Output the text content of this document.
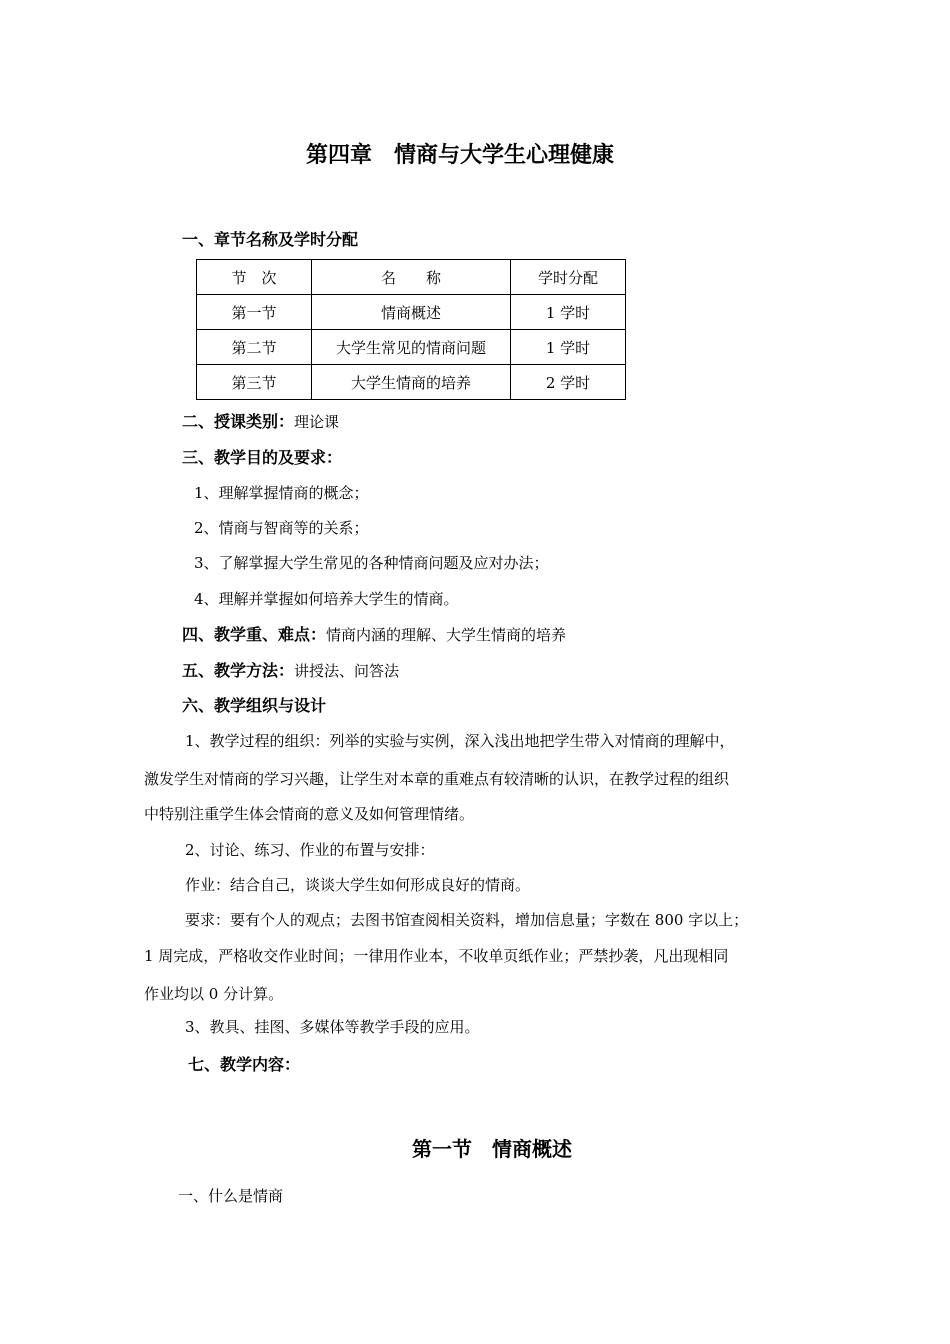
第四章　情商与大学生心理健康
一、章节名称及学时分配
节　次	名　　称	学时分配
第一节	情商概述	1 学时
第二节	大学生常见的情商问题	1 学时
第三节	大学生情商的培养	2 学时
二、授课类别：理论课
三、教学目的及要求：
1、理解掌握情商的概念；
2、情商与智商等的关系；
3、了解掌握大学生常见的各种情商问题及应对办法；
4、理解并掌握如何培养大学生的情商。
四、教学重、难点：情商内涵的理解、大学生情商的培养
五、教学方法：讲授法、问答法
六、教学组织与设计
1、教学过程的组织：列举的实验与实例，深入浅出地把学生带入对情商的理解中，
激发学生对情商的学习兴趣，让学生对本章的重难点有较清晰的认识，在教学过程的组织
中特别注重学生体会情商的意义及如何管理情绪。
2、讨论、练习、作业的布置与安排：
作业：结合自己，谈谈大学生如何形成良好的情商。
要求：要有个人的观点；去图书馆查阅相关资料，增加信息量；字数在 800 字以上；
1 周完成，严格收交作业时间；一律用作业本，不收单页纸作业；严禁抄袭，凡出现相同
作业均以 0 分计算。
3、教具、挂图、多媒体等教学手段的应用。
七、教学内容：
第一节　情商概述
一、什么是情商
